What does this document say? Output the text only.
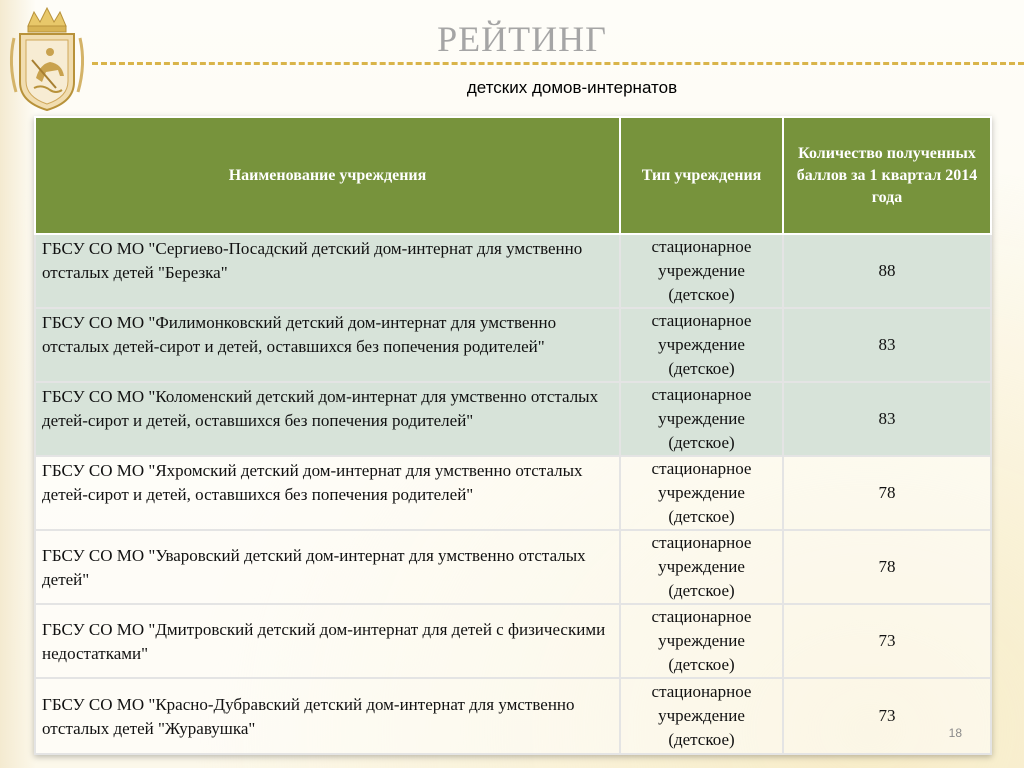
РЕЙТИНГ
детских домов-интернатов
Наименование учреждения	Тип учреждения	Количество полученных баллов за 1 квартал 2014 года
ГБСУ СО МО "Сергиево-Посадский детский дом-интернат для умственно отсталых детей "Березка"	стационарное учреждение (детское)	88
ГБСУ СО МО "Филимонковский детский дом-интернат для умственно отсталых детей-сирот и детей, оставшихся без попечения родителей"	стационарное учреждение (детское)	83
ГБСУ СО МО "Коломенский детский дом-интернат для умственно отсталых детей-сирот и детей, оставшихся без попечения родителей"	стационарное учреждение (детское)	83
ГБСУ СО МО "Яхромский детский дом-интернат для умственно отсталых детей-сирот и детей, оставшихся без попечения родителей"	стационарное учреждение (детское)	78
ГБСУ СО МО "Уваровский детский дом-интернат для умственно отсталых детей"	стационарное учреждение (детское)	78
ГБСУ СО МО "Дмитровский детский дом-интернат для детей с физическими недостатками"	стационарное учреждение (детское)	73
ГБСУ СО МО "Красно-Дубравский детский дом-интернат для умственно отсталых детей "Журавушка"	стационарное учреждение (детское)	73
18
